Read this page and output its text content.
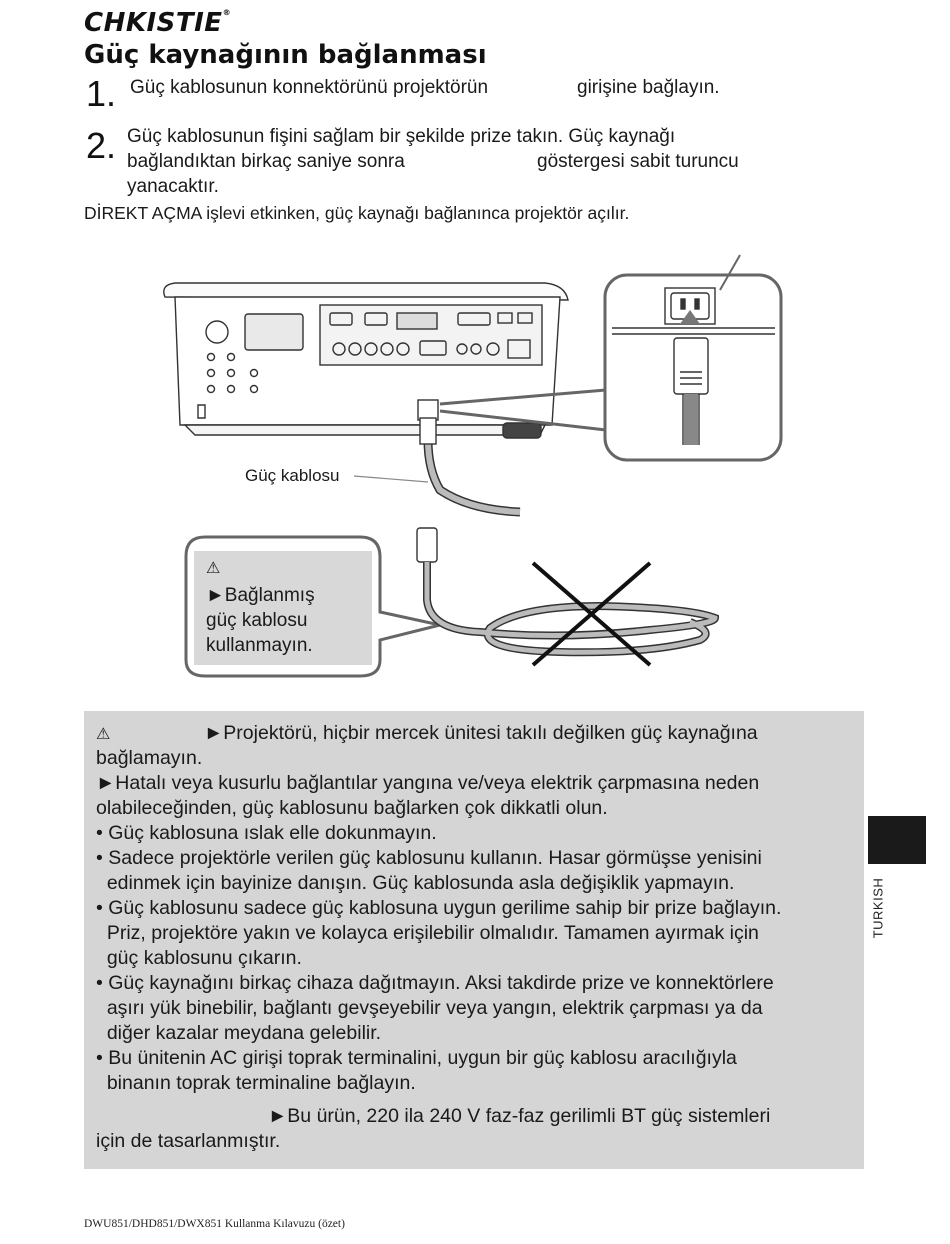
CHKISTIE®
Güç kaynağının bağlanması
1. Güç kablosunun konnektörünü projektörün	girişine bağlayın.
2. Güç kablosunun fişini sağlam bir şekilde prize takın. Güç kaynağı
bağlandıktan birkaç saniye sonra	göstergesi sabit turuncu
yanacaktır.
DİREKT AÇMA işlevi etkinken, güç kaynağı bağlanınca projektör açılır.
Güç kablosu
⚠
►Bağlanmış
güç kablosu
kullanmayın.
⚠	►Projektörü, hiçbir mercek ünitesi takılı değilken güç kaynağına
bağlamayın.
►Hatalı veya kusurlu bağlantılar yangına ve/veya elektrik çarpmasına neden
olabileceğinden, güç kablosunu bağlarken çok dikkatli olun.
• Güç kablosuna ıslak elle dokunmayın.
• Sadece projektörle verilen güç kablosunu kullanın. Hasar görmüşse yenisini
edinmek için bayinize danışın. Güç kablosunda asla değişiklik yapmayın.
• Güç kablosunu sadece güç kablosuna uygun gerilime sahip bir prize bağlayın.
Priz, projektöre yakın ve kolayca erişilebilir olmalıdır. Tamamen ayırmak için
güç kablosunu çıkarın.
• Güç kaynağını birkaç cihaza dağıtmayın. Aksi takdirde prize ve konnektörlere
aşırı yük binebilir, bağlantı gevşeyebilir veya yangın, elektrik çarpması ya da
diğer kazalar meydana gelebilir.
• Bu ünitenin AC girişi toprak terminalini, uygun bir güç kablosu aracılığıyla
binanın toprak terminaline bağlayın.
►Bu ürün, 220 ila 240 V faz-faz gerilimli BT güç sistemleri
için de tasarlanmıştır.
TURKISH
DWU851/DHD851/DWX851 Kullanma Kılavuzu (özet)
